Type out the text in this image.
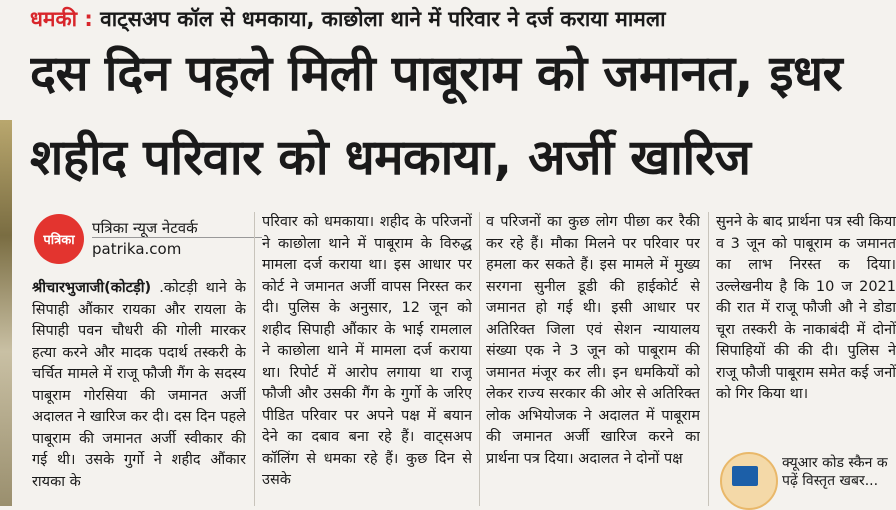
धमकी : वाट्सअप कॉल से धमकाया, काछोला थाने में परिवार ने दर्ज कराया मामला
दस दिन पहले मिली पाबूराम को जमानत, इधर
शहीद परिवार को धमकाया, अर्जी खारिज
पत्रिका
पत्रिका न्यूज नेटवर्क
patrika.com
श्रीचारभुजाजी(कोटड़ी) .कोटड़ी थाने के सिपाही औंकार रायका और रायला के सिपाही पवन चौधरी की गोली मारकर हत्या करने और मादक पदार्थ तस्करी के चर्चित मामले में राजू फौजी गैंग के सदस्य पाबूराम गोरसिया की जमानत अर्जी अदालत ने खारिज कर दी। दस दिन पहले पाबूराम की जमानत अर्जी स्वीकार की गई थी। उसके गुर्गो ने शहीद औंकार रायका के
परिवार को धमकाया। शहीद के परिजनों ने काछोला थाने में पाबूराम के विरुद्ध मामला दर्ज कराया था। इस आधार पर कोर्ट ने जमानत अर्जी वापस निरस्त कर दी। पुलिस के अनुसार, 12 जून को शहीद सिपाही औंकार के भाई रामलाल ने काछोला थाने में मामला दर्ज कराया था। रिपोर्ट में आरोप लगाया था राजू फौजी और उसकी गैंग के गुर्गो के जरिए पीडित परिवार पर अपने पक्ष में बयान देने का दबाव बना रहे हैं। वाट्सअप कॉलिंग से धमका रहे हैं। कुछ दिन से उसके
व परिजनों का कुछ लोग पीछा कर रैकी कर रहे हैं। मौका मिलने पर परिवार पर हमला कर सकते हैं। इस मामले में मुख्य सरगना सुनील डूडी की हाईकोर्ट से जमानत हो गई थी। इसी आधार पर अतिरिक्त जिला एवं सेशन न्यायालय संख्या एक ने 3 जून को पाबूराम की जमानत मंजूर कर ली। इन धमकियों को लेकर राज्य सरकार की ओर से अतिरिक्त लोक अभियोजक ने अदालत में पाबूराम की जमानत अर्जी खारिज करने का प्रार्थना पत्र दिया। अदालत ने दोनों पक्ष
सुनने के बाद प्रार्थना पत्र स्वी किया व 3 जून को पाबूराम क जमानत का लाभ निरस्त क दिया।उल्लेखनीय है कि 10 ज 2021 की रात में राजू फौजी औ ने डोडा चूरा तस्करी के नाकाबंदी में दोनों सिपाहियों की की दी। पुलिस ने राजू फौजी पाबूराम समेत कई जनों को गिर किया था।
क्यूआर कोड स्कैन क
पढ़ें विस्तृत खबर...
